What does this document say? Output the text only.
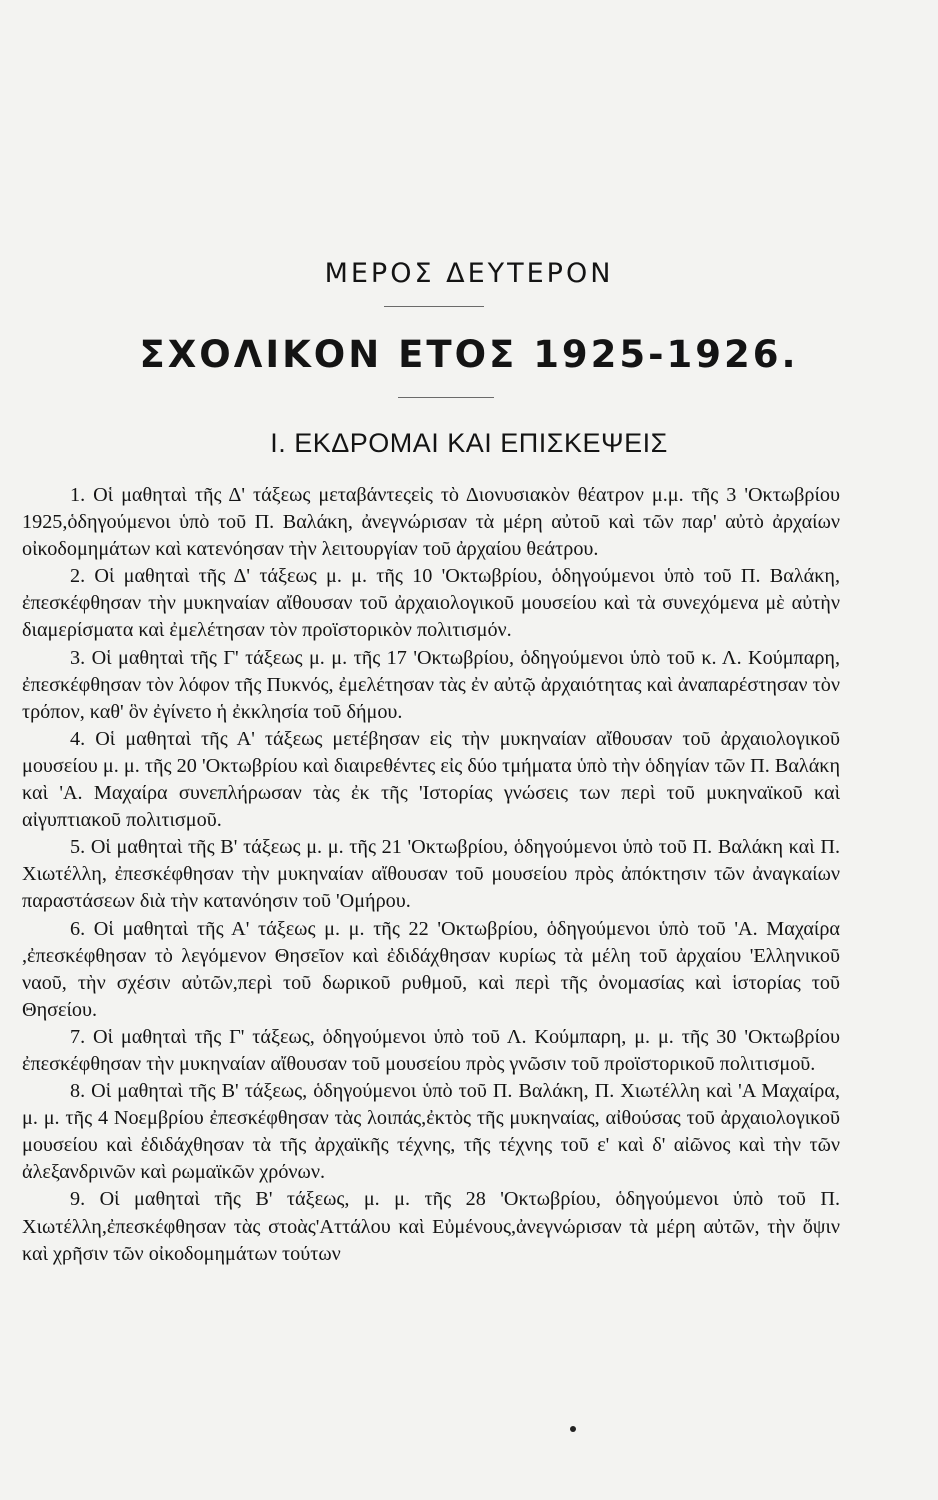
ΜΕΡΟΣ ΔΕΥΤΕΡΟΝ
ΣΧΟΛΙΚΟΝ ΕΤΟΣ 1925-1926.
I. ΕΚΔΡΟΜΑΙ ΚΑΙ ΕΠΙΣΚΕΨΕΙΣ

1. Οἱ μαθηταὶ τῆς Δ' τάξεως μεταβάντεςεἰς τὸ Διονυσιακὸν θέατρον μ.μ. τῆς 3 'Οκτωβρίου 1925,ὁδηγούμενοι ὑπὸ τοῦ Π. Βαλάκη, ἀνεγνώρισαν τὰ μέρη αὐτοῦ καὶ τῶν παρ' αὐτὸ ἀρχαίων οἰκοδομημάτων καὶ κατενόησαν τὴν λειτουργίαν τοῦ ἀρχαίου θεάτρου.

2. Οἱ μαθηταὶ τῆς Δ' τάξεως μ. μ. τῆς 10 'Οκτωβρίου, ὁδηγούμενοι ὑπὸ τοῦ Π. Βαλάκη, ἐπεσκέφθησαν τὴν μυκηναίαν αἴθουσαν τοῦ ἀρχαιολογικοῦ μουσείου καὶ τὰ συνεχόμενα μὲ αὐτὴν διαμερίσματα καὶ ἐμελέτησαν τὸν προϊστορικὸν πολιτισμόν.

3. Οἱ μαθηταὶ τῆς Γ' τάξεως μ. μ. τῆς 17 'Οκτωβρίου, ὁδηγούμενοι ὑπὸ τοῦ κ. Λ. Κούμπαρη, ἐπεσκέφθησαν τὸν λόφον τῆς Πυκνός, ἐμελέτησαν τὰς ἐν αὐτῷ ἀρχαιότητας καὶ ἀναπαρέστησαν τὸν τρόπον, καθ' ὃν ἐγίνετο ἡ ἐκκλησία τοῦ δήμου.

4. Οἱ μαθηταὶ τῆς Α' τάξεως μετέβησαν εἰς τὴν μυκηναίαν αἴθουσαν τοῦ ἀρχαιολογικοῦ μουσείου μ. μ. τῆς 20 'Οκτωβρίου καὶ διαιρεθέντες εἰς δύο τμήματα ὑπὸ τὴν ὁδηγίαν τῶν Π. Βαλάκη καὶ 'Α. Μαχαίρα συνεπλήρωσαν τὰς ἐκ τῆς 'Ιστορίας γνώσεις των περὶ τοῦ μυκηναϊκοῦ καὶ αἰγυπτιακοῦ πολιτισμοῦ.

5. Οἱ μαθηταὶ τῆς Β' τάξεως μ. μ. τῆς 21 'Οκτωβρίου, ὁδηγούμενοι ὑπὸ τοῦ Π. Βαλάκη καὶ Π. Χιωτέλλη, ἐπεσκέφθησαν τὴν μυκηναίαν αἴθουσαν τοῦ μουσείου πρὸς ἀπόκτησιν τῶν ἀναγκαίων παραστάσεων διὰ τὴν κατανόησιν τοῦ 'Ομήρου.

6. Οἱ μαθηταὶ τῆς Α' τάξεως μ. μ. τῆς 22 'Οκτωβρίου, ὁδηγούμενοι ὑπὸ τοῦ 'Α. Μαχαίρα ,ἐπεσκέφθησαν τὸ λεγόμενον Θησεῖον καὶ ἐδιδάχθησαν κυρίως τὰ μέλη τοῦ ἀρχαίου 'Ελληνικοῦ ναοῦ, τὴν σχέσιν αὐτῶν,περὶ τοῦ δωρικοῦ ρυθμοῦ, καὶ περὶ τῆς ὀνομασίας καὶ ἱστορίας τοῦ Θησείου.

7. Οἱ μαθηταὶ τῆς Γ' τάξεως, ὁδηγούμενοι ὑπὸ τοῦ Λ. Κούμπαρη, μ. μ. τῆς 30 'Οκτωβρίου ἐπεσκέφθησαν τὴν μυκηναίαν αἴθουσαν τοῦ μουσείου πρὸς γνῶσιν τοῦ προϊστορικοῦ πολιτισμοῦ.

8. Οἱ μαθηταὶ τῆς Β' τάξεως, ὁδηγούμενοι ὑπὸ τοῦ Π. Βαλάκη, Π. Χιωτέλλη καὶ 'Α Μαχαίρα, μ. μ. τῆς 4 Νοεμβρίου ἐπεσκέφθησαν τὰς λοιπάς,ἐκτὸς τῆς μυκηναίας, αἰθούσας τοῦ ἀρχαιολογικοῦ μουσείου καὶ ἐδιδάχθησαν τὰ τῆς ἀρχαϊκῆς τέχνης, τῆς τέχνης τοῦ ε' καὶ δ' αἰῶνος καὶ τὴν τῶν ἀλεξανδρινῶν καὶ ρωμαϊκῶν χρόνων.

9. Οἱ μαθηταὶ τῆς Β' τάξεως, μ. μ. τῆς 28 'Οκτωβρίου, ὁδηγούμενοι ὑπὸ τοῦ Π. Χιωτέλλη,ἐπεσκέφθησαν τὰς στοὰς'Αττάλου καὶ Εὐμένους,ἀνεγνώρισαν τὰ μέρη αὐτῶν, τὴν ὄψιν καὶ χρῆσιν τῶν οἰκοδομημάτων τούτων
